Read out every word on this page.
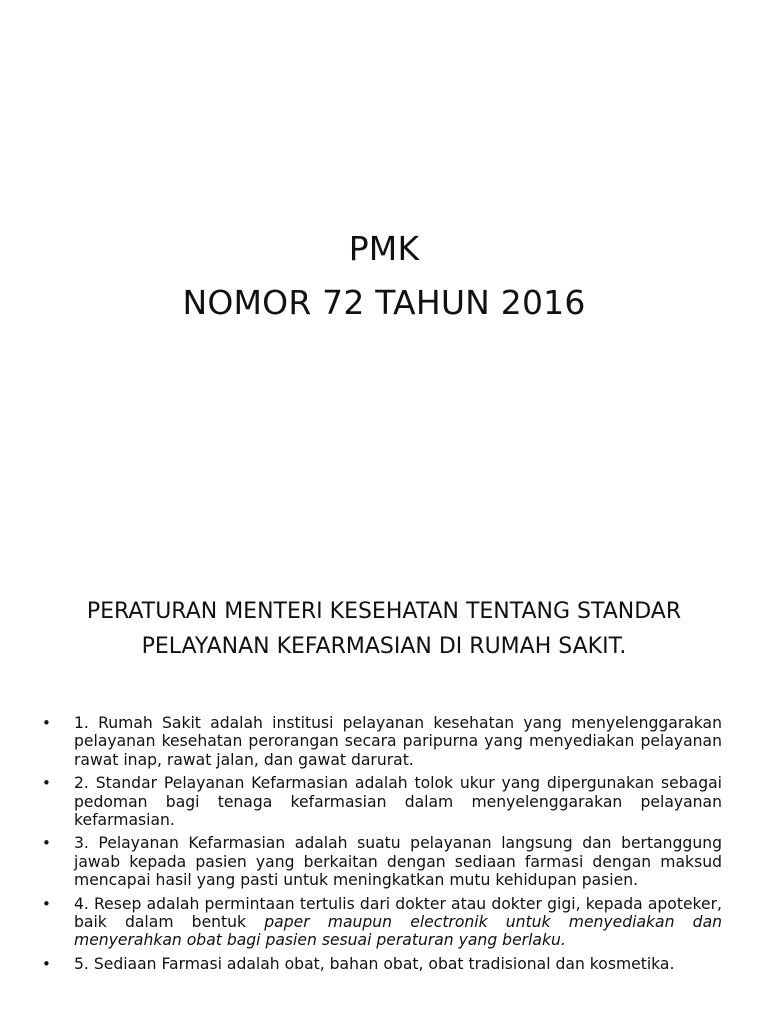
PMK
NOMOR 72 TAHUN 2016
PERATURAN MENTERI KESEHATAN TENTANG STANDAR
PELAYANAN KEFARMASIAN DI RUMAH SAKIT.
• 1. Rumah Sakit adalah institusi pelayanan kesehatan yang menyelenggarakan pelayanan kesehatan perorangan secara paripurna yang menyediakan pelayanan rawat inap, rawat jalan, dan gawat darurat.
• 2. Standar Pelayanan Kefarmasian adalah tolok ukur yang dipergunakan sebagai pedoman bagi tenaga kefarmasian dalam menyelenggarakan pelayanan kefarmasian.
• 3. Pelayanan Kefarmasian adalah suatu pelayanan langsung dan bertanggung jawab kepada pasien yang berkaitan dengan sediaan farmasi dengan maksud mencapai hasil yang pasti untuk meningkatkan mutu kehidupan pasien.
• 4. Resep adalah permintaan tertulis dari dokter atau dokter gigi, kepada apoteker, baik dalam bentuk paper maupun electronik untuk menyediakan dan menyerahkan obat bagi pasien sesuai peraturan yang berlaku.
• 5. Sediaan Farmasi adalah obat, bahan obat, obat tradisional dan kosmetika.
